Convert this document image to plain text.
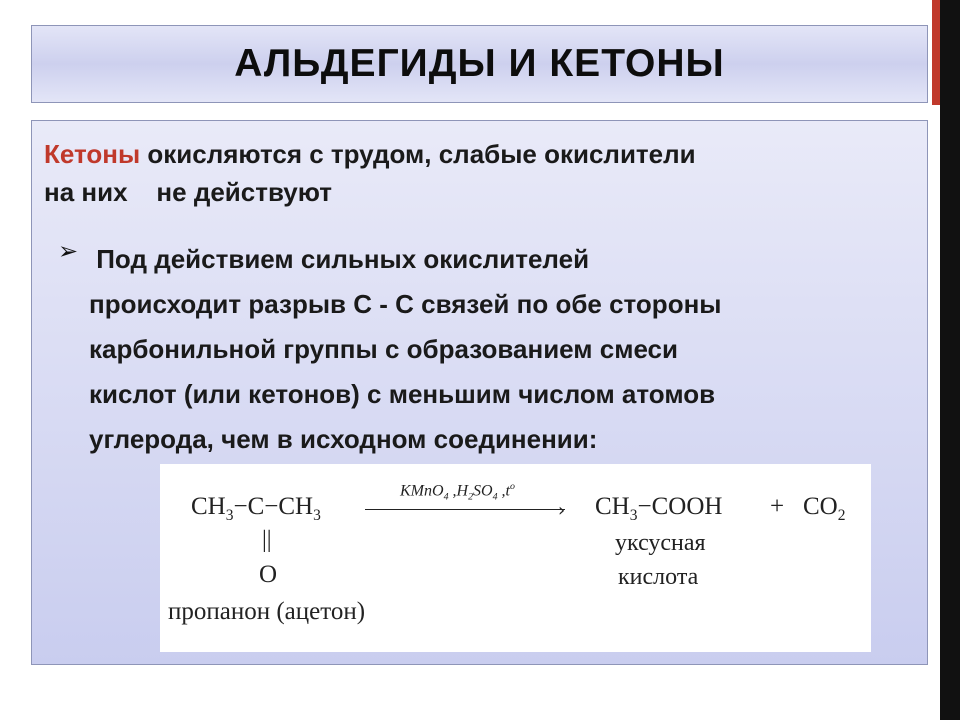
АЛЬДЕГИДЫ И КЕТОНЫ
Кетоны окисляются с трудом, слабые окислители
на них    не действуют
➢ Под действием сильных окислителей
происходит разрыв С - С связей по обе стороны
карбонильной группы с образованием смеси
кислот (или кетонов) с меньшим числом атомов
углерода, чем в исходном соединении:
$CH_3-C-CH_3$
KMnO$_4$ $,H_2SO_4$ $,t^o$
› $CH_3-COOH + CO_2$
||
O
пропанон (ацетон)
уксусная
кислота
